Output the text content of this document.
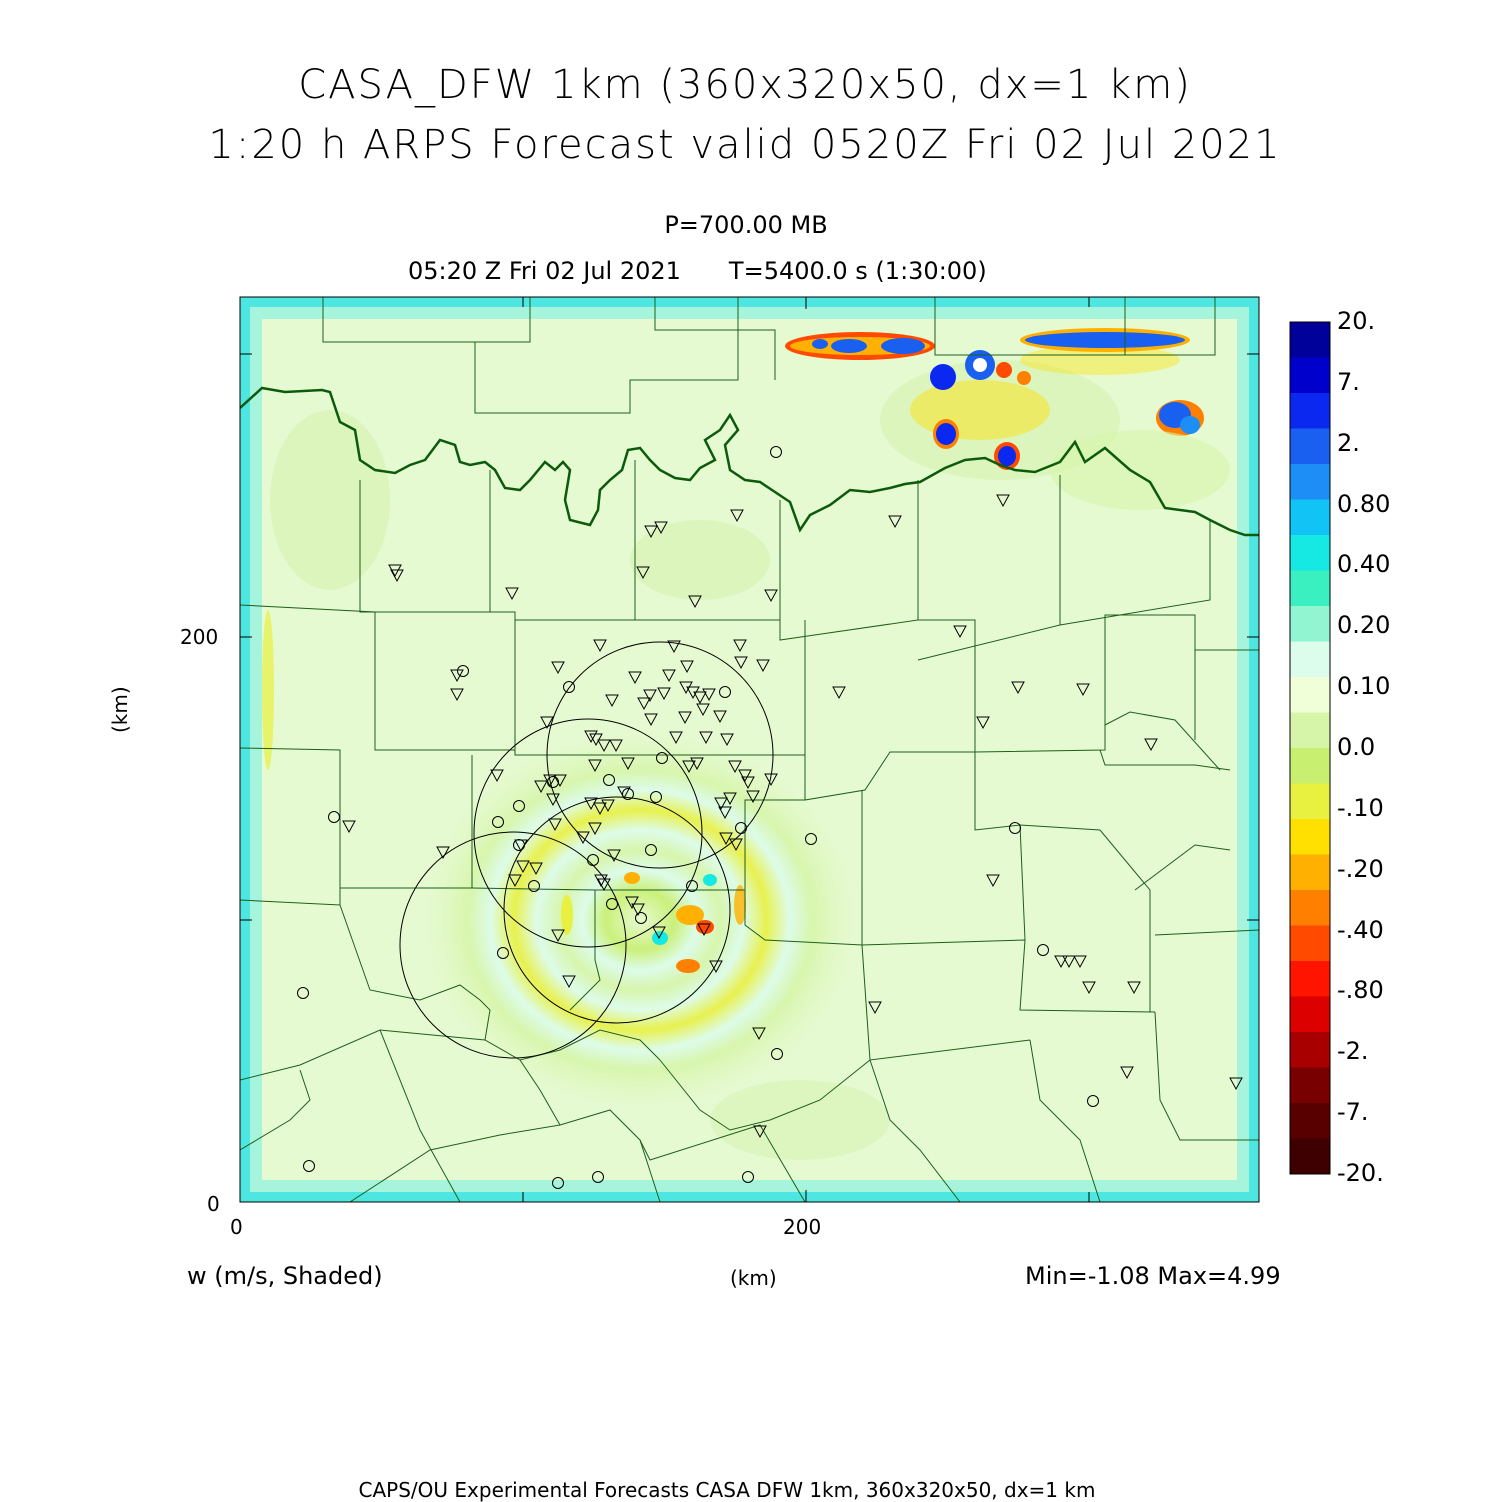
CASA_DFW 1km (360x320x50, dx=1 km)
1:20 h ARPS Forecast valid 0520Z Fri 02 Jul 2021
P=700.00 MB
05:20 Z Fri 02 Jul 2021 T=5400.0 s (1:30:00)
0
200
0	200
(km)
(km)
w (m/s, Shaded)	Min=-1.08 Max=4.99
CAPS/OU Experimental Forecasts CASA DFW 1km, 360x320x50, dx=1 km
20.
7.
2.
0.80
0.40
0.20
0.10
0.0
-.10
-.20
-.40
-.80
-2.
-7.
-20.
